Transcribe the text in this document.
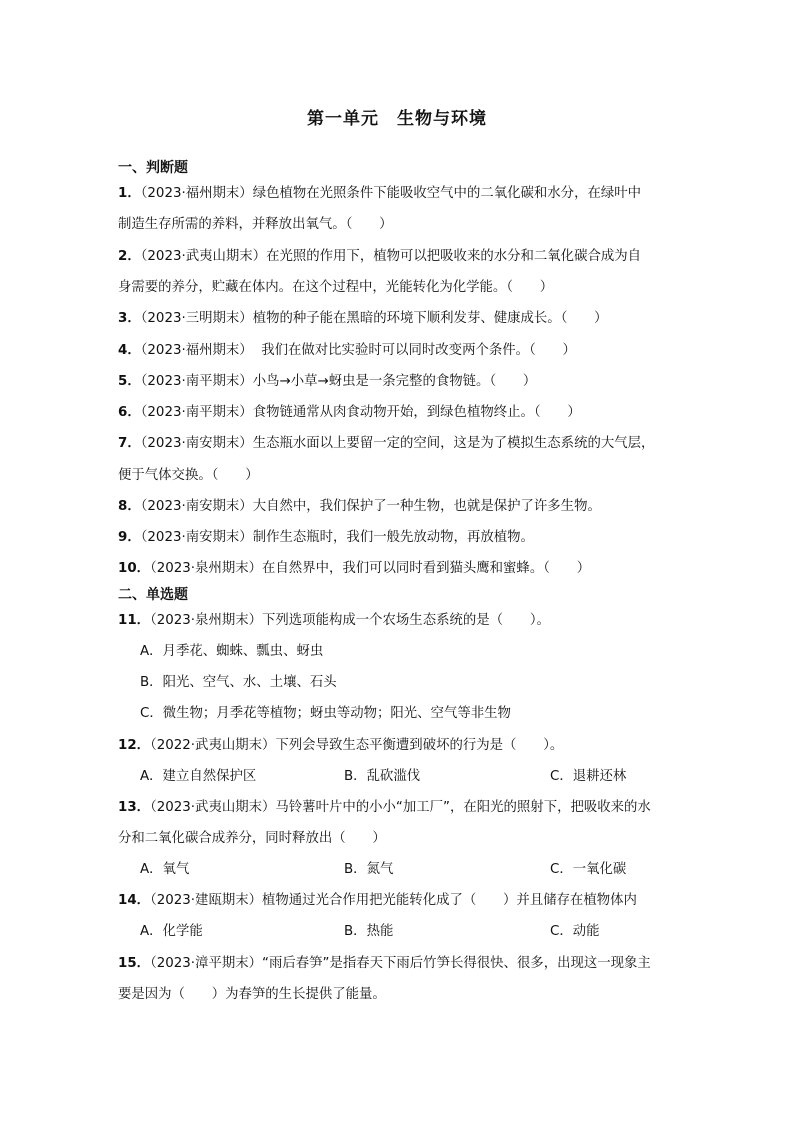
第一单元　生物与环境
一、判断题
1．（2023·福州期末）绿色植物在光照条件下能吸收空气中的二氧化碳和水分，在绿叶中
制造生存所需的养料，并释放出氧气。（　　）
2．（2023·武夷山期末）在光照的作用下，植物可以把吸收来的水分和二氧化碳合成为自
身需要的养分，贮藏在体内。在这个过程中，光能转化为化学能。（　　）
3．（2023·三明期末）植物的种子能在黑暗的环境下顺利发芽、健康成长。（　　）
4．（2023·福州期末）  我们在做对比实验时可以同时改变两个条件。（　　）
5．（2023·南平期末）小鸟→小草→蚜虫是一条完整的食物链。（　　）
6．（2023·南平期末）食物链通常从肉食动物开始，到绿色植物终止。（　　）
7．（2023·南安期末）生态瓶水面以上要留一定的空间，这是为了模拟生态系统的大气层，
便于气体交换。（　　）
8．（2023·南安期末）大自然中，我们保护了一种生物，也就是保护了许多生物。
9．（2023·南安期末）制作生态瓶时，我们一般先放动物，再放植物。
10．（2023·泉州期末）在自然界中，我们可以同时看到猫头鹰和蜜蜂。（　　）
二、单选题
11．（2023·泉州期末）下列选项能构成一个农场生态系统的是（　　）。
A．月季花、蜘蛛、瓢虫、蚜虫
B．阳光、空气、水、土壤、石头
C．微生物；月季花等植物；蚜虫等动物；阳光、空气等非生物
12．（2022·武夷山期末）下列会导致生态平衡遭到破坏的行为是（　　）。
A．建立自然保护区	B．乱砍滥伐	C．退耕还林
13．（2023·武夷山期末）马铃薯叶片中的小小“加工厂”，在阳光的照射下，把吸收来的水
分和二氧化碳合成养分，同时释放出（　　）
A．氧气	B．氮气	C．一氧化碳
14．（2023·建瓯期末）植物通过光合作用把光能转化成了（　　）并且储存在植物体内
A．化学能	B．热能	C．动能
15．（2023·漳平期末）“雨后春笋”是指春天下雨后竹笋长得很快、很多，出现这一现象主
要是因为（　　）为春笋的生长提供了能量。
